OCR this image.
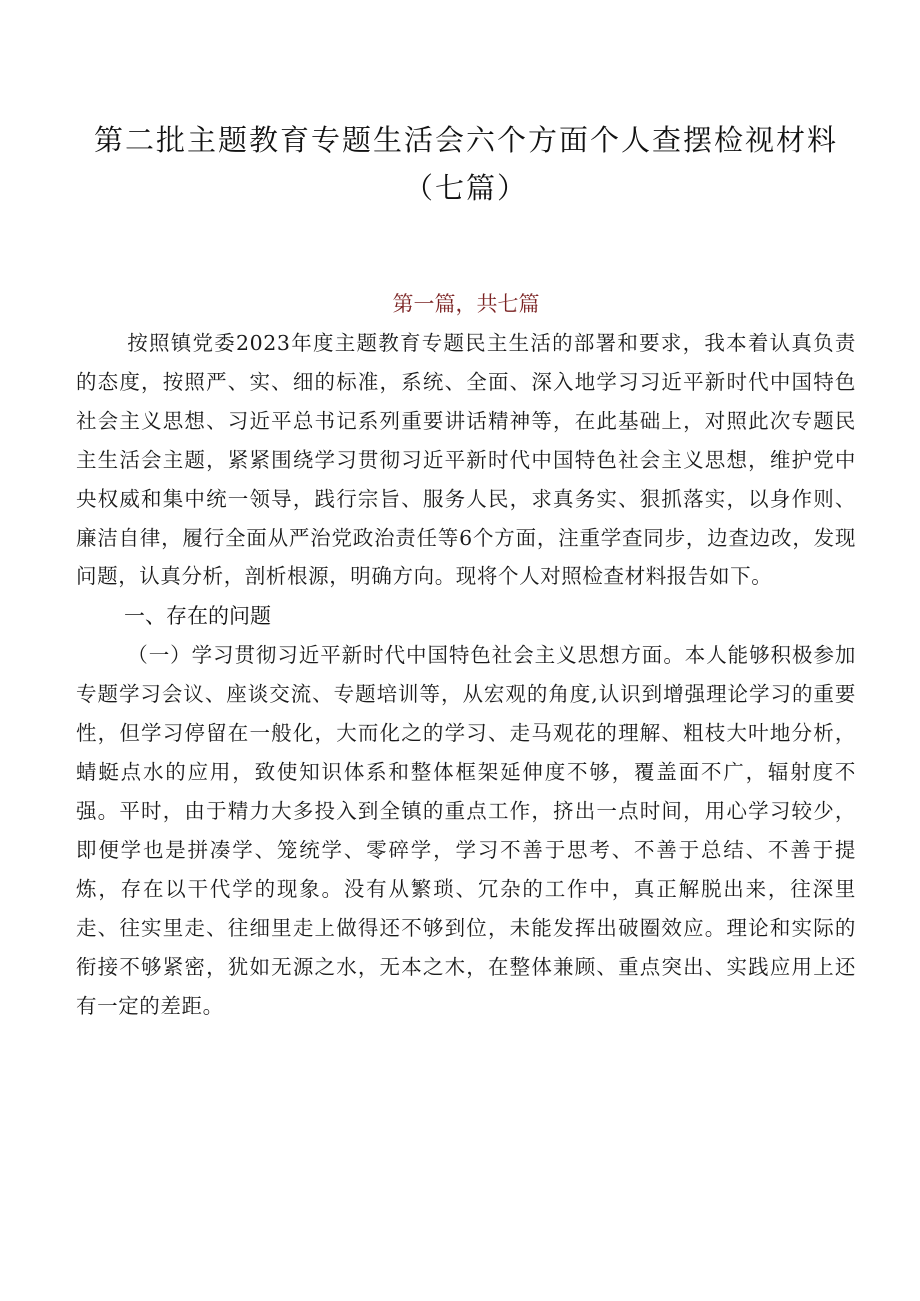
第二批主题教育专题生活会六个方面个人查摆检视材料
（七篇）
第一篇，共七篇

按照镇党委2023年度主题教育专题民主生活的部署和要求，我本着认真负责的态度，按照严、实、细的标准，系统、全面、深入地学习习近平新时代中国特色社会主义思想、习近平总书记系列重要讲话精神等，在此基础上，对照此次专题民主生活会主题，紧紧围绕学习贯彻习近平新时代中国特色社会主义思想，维护党中央权威和集中统一领导，践行宗旨、服务人民，求真务实、狠抓落实，以身作则、廉洁自律，履行全面从严治党政治责任等6个方面，注重学查同步，边查边改，发现问题，认真分析，剖析根源，明确方向。现将个人对照检查材料报告如下。

一、存在的问题

（一）学习贯彻习近平新时代中国特色社会主义思想方面。本人能够积极参加专题学习会议、座谈交流、专题培训等，从宏观的角度,认识到增强理论学习的重要性，但学习停留在一般化，大而化之的学习、走马观花的理解、粗枝大叶地分析，蜻蜓点水的应用，致使知识体系和整体框架延伸度不够，覆盖面不广，辐射度不强。平时，由于精力大多投入到全镇的重点工作，挤出一点时间，用心学习较少，即便学也是拼凑学、笼统学、零碎学，学习不善于思考、不善于总结、不善于提炼，存在以干代学的现象。没有从繁琐、冗杂的工作中，真正解脱出来，往深里走、往实里走、往细里走上做得还不够到位，未能发挥出破圈效应。理论和实际的衔接不够紧密，犹如无源之水，无本之木，在整体兼顾、重点突出、实践应用上还有一定的差距。
